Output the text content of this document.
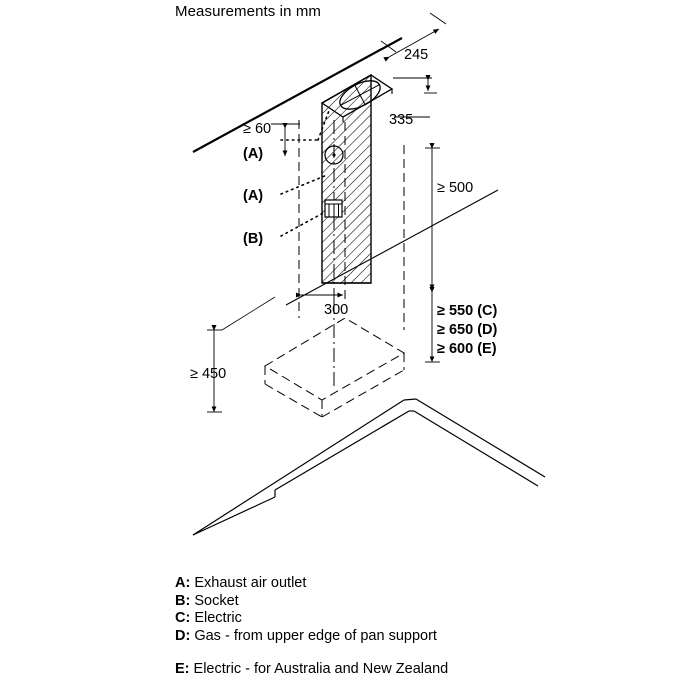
Measurements in mm
245
335
≥ 60
≥ 500
300
≥ 450
≥ 550 (C)
≥ 650 (D)
≥ 600 (E)
(A)
(A)
(B)
A: Exhaust air outlet
B: Socket
C: Electric
D: Gas - from upper edge of pan support
E: Electric - for Australia and New Zealand
